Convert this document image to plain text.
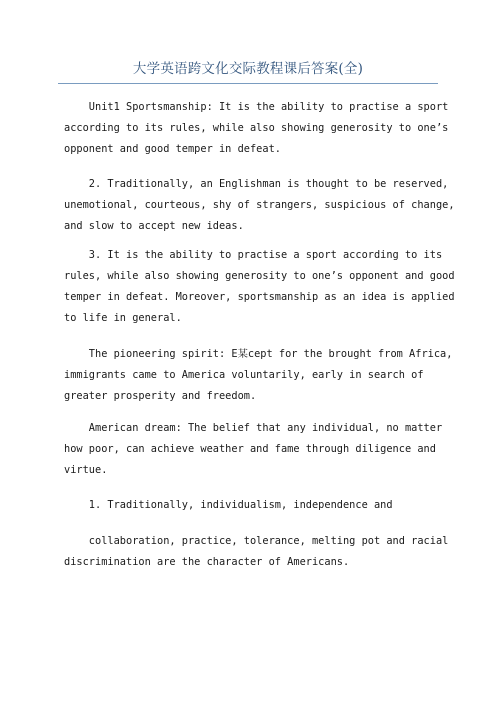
大学英语跨文化交际教程课后答案(全)
Unit1 Sportsmanship: It is the ability to practise a sport
according to its rules, while also showing generosity to one’s
opponent and good temper in defeat.
2. Traditionally, an Englishman is thought to be reserved,
unemotional, courteous, shy of strangers, suspicious of change,
and slow to accept new ideas.
3. It is the ability to practise a sport according to its
rules, while also showing generosity to one’s opponent and good
temper in defeat. Moreover, sportsmanship as an idea is applied
to life in general.
The pioneering spirit: E某cept for the brought from Africa,
immigrants came to America voluntarily, early in search of
greater prosperity and freedom.
American dream: The belief that any individual, no matter
how poor, can achieve weather and fame through diligence and
virtue.
1. Traditionally, individualism, independence and
collaboration, practice, tolerance, melting pot and racial
discrimination are the character of Americans.
